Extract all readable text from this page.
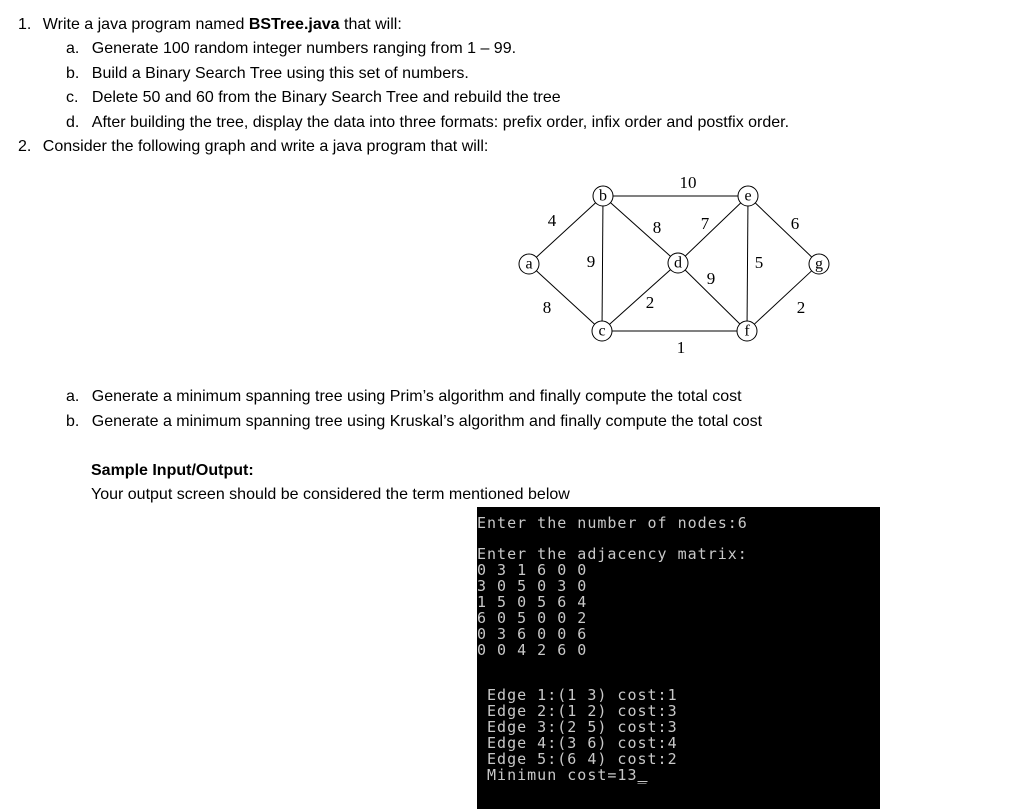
1. Write a java program named BSTree.java that will:
a. Generate 100 random integer numbers ranging from 1 – 99.
b. Build a Binary Search Tree using this set of numbers.
c. Delete 50 and 60 from the Binary Search Tree and rebuild the tree
d. After building the tree, display the data into three formats: prefix order, infix order and postfix order.
2. Consider the following graph and write a java program that will:
4
8
9
8
10
2
1
7
9
5
6
2
a
b
c
d
e
f
g
a. Generate a minimum spanning tree using Prim’s algorithm and finally compute the total cost
b. Generate a minimum spanning tree using Kruskal’s algorithm and finally compute the total cost
Sample Input/Output:
Your output screen should be considered the term mentioned below
Enter the number of nodes:6
Enter the adjacency matrix:
0 3 1 6 0 0
3 0 5 0 3 0
1 5 0 5 6 4
6 0 5 0 0 2
0 3 6 0 0 6
0 0 4 2 6 0
Edge 1:(1 3) cost:1
Edge 2:(1 2) cost:3
Edge 3:(2 5) cost:3
Edge 4:(3 6) cost:4
Edge 5:(6 4) cost:2
Minimun cost=13_
